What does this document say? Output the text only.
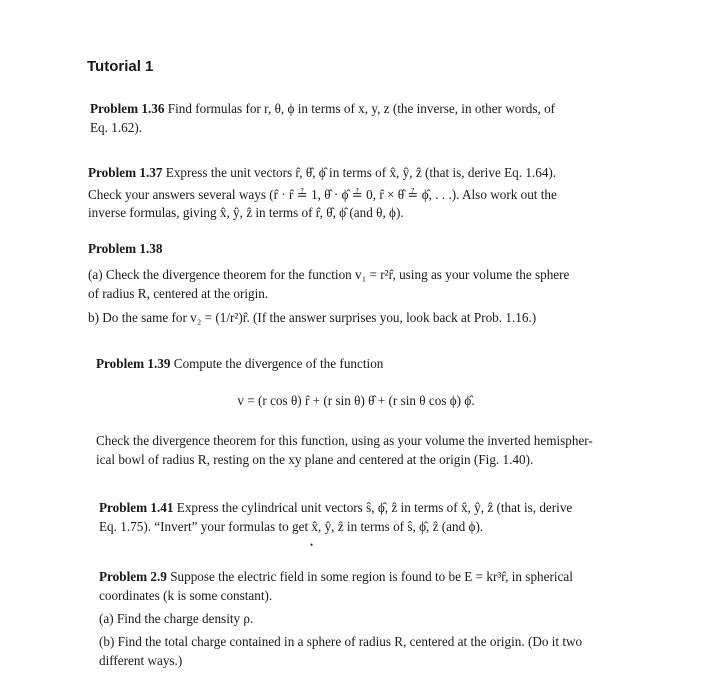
Tutorial 1
Problem 1.36 Find formulas for r, θ, ϕ in terms of x, y, z (the inverse, in other words, of
Eq. 1.62).
Problem 1.37 Express the unit vectors r̂, θ̂, ϕ̂ in terms of x̂, ŷ, ẑ (that is, derive Eq. 1.64).
Check your answers several ways (r̂ · r̂ ≟ 1, θ̂ · ϕ̂ ≟ 0, r̂ × θ̂ ≟ ϕ̂, . . .). Also work out the
inverse formulas, giving x̂, ŷ, ẑ in terms of r̂, θ̂, ϕ̂ (and θ, ϕ).
Problem 1.38
(a) Check the divergence theorem for the function v₁ = r²r̂, using as your volume the sphere
of radius R, centered at the origin.
b) Do the same for v₂ = (1/r²)r̂. (If the answer surprises you, look back at Prob. 1.16.)
Problem 1.39 Compute the divergence of the function
v = (r cos θ) r̂ + (r sin θ) θ̂ + (r sin θ cos ϕ) ϕ̂.
Check the divergence theorem for this function, using as your volume the inverted hemispher-
ical bowl of radius R, resting on the xy plane and centered at the origin (Fig. 1.40).
Problem 1.41 Express the cylindrical unit vectors ŝ, ϕ̂, ẑ in terms of x̂, ŷ, ẑ (that is, derive
Eq. 1.75). “Invert” your formulas to get x̂, ŷ, ẑ in terms of ŝ, ϕ̂, ẑ (and ϕ).
•
Problem 2.9 Suppose the electric field in some region is found to be E = kr³r̂, in spherical
coordinates (k is some constant).
(a) Find the charge density ρ.
(b) Find the total charge contained in a sphere of radius R, centered at the origin. (Do it two
different ways.)
